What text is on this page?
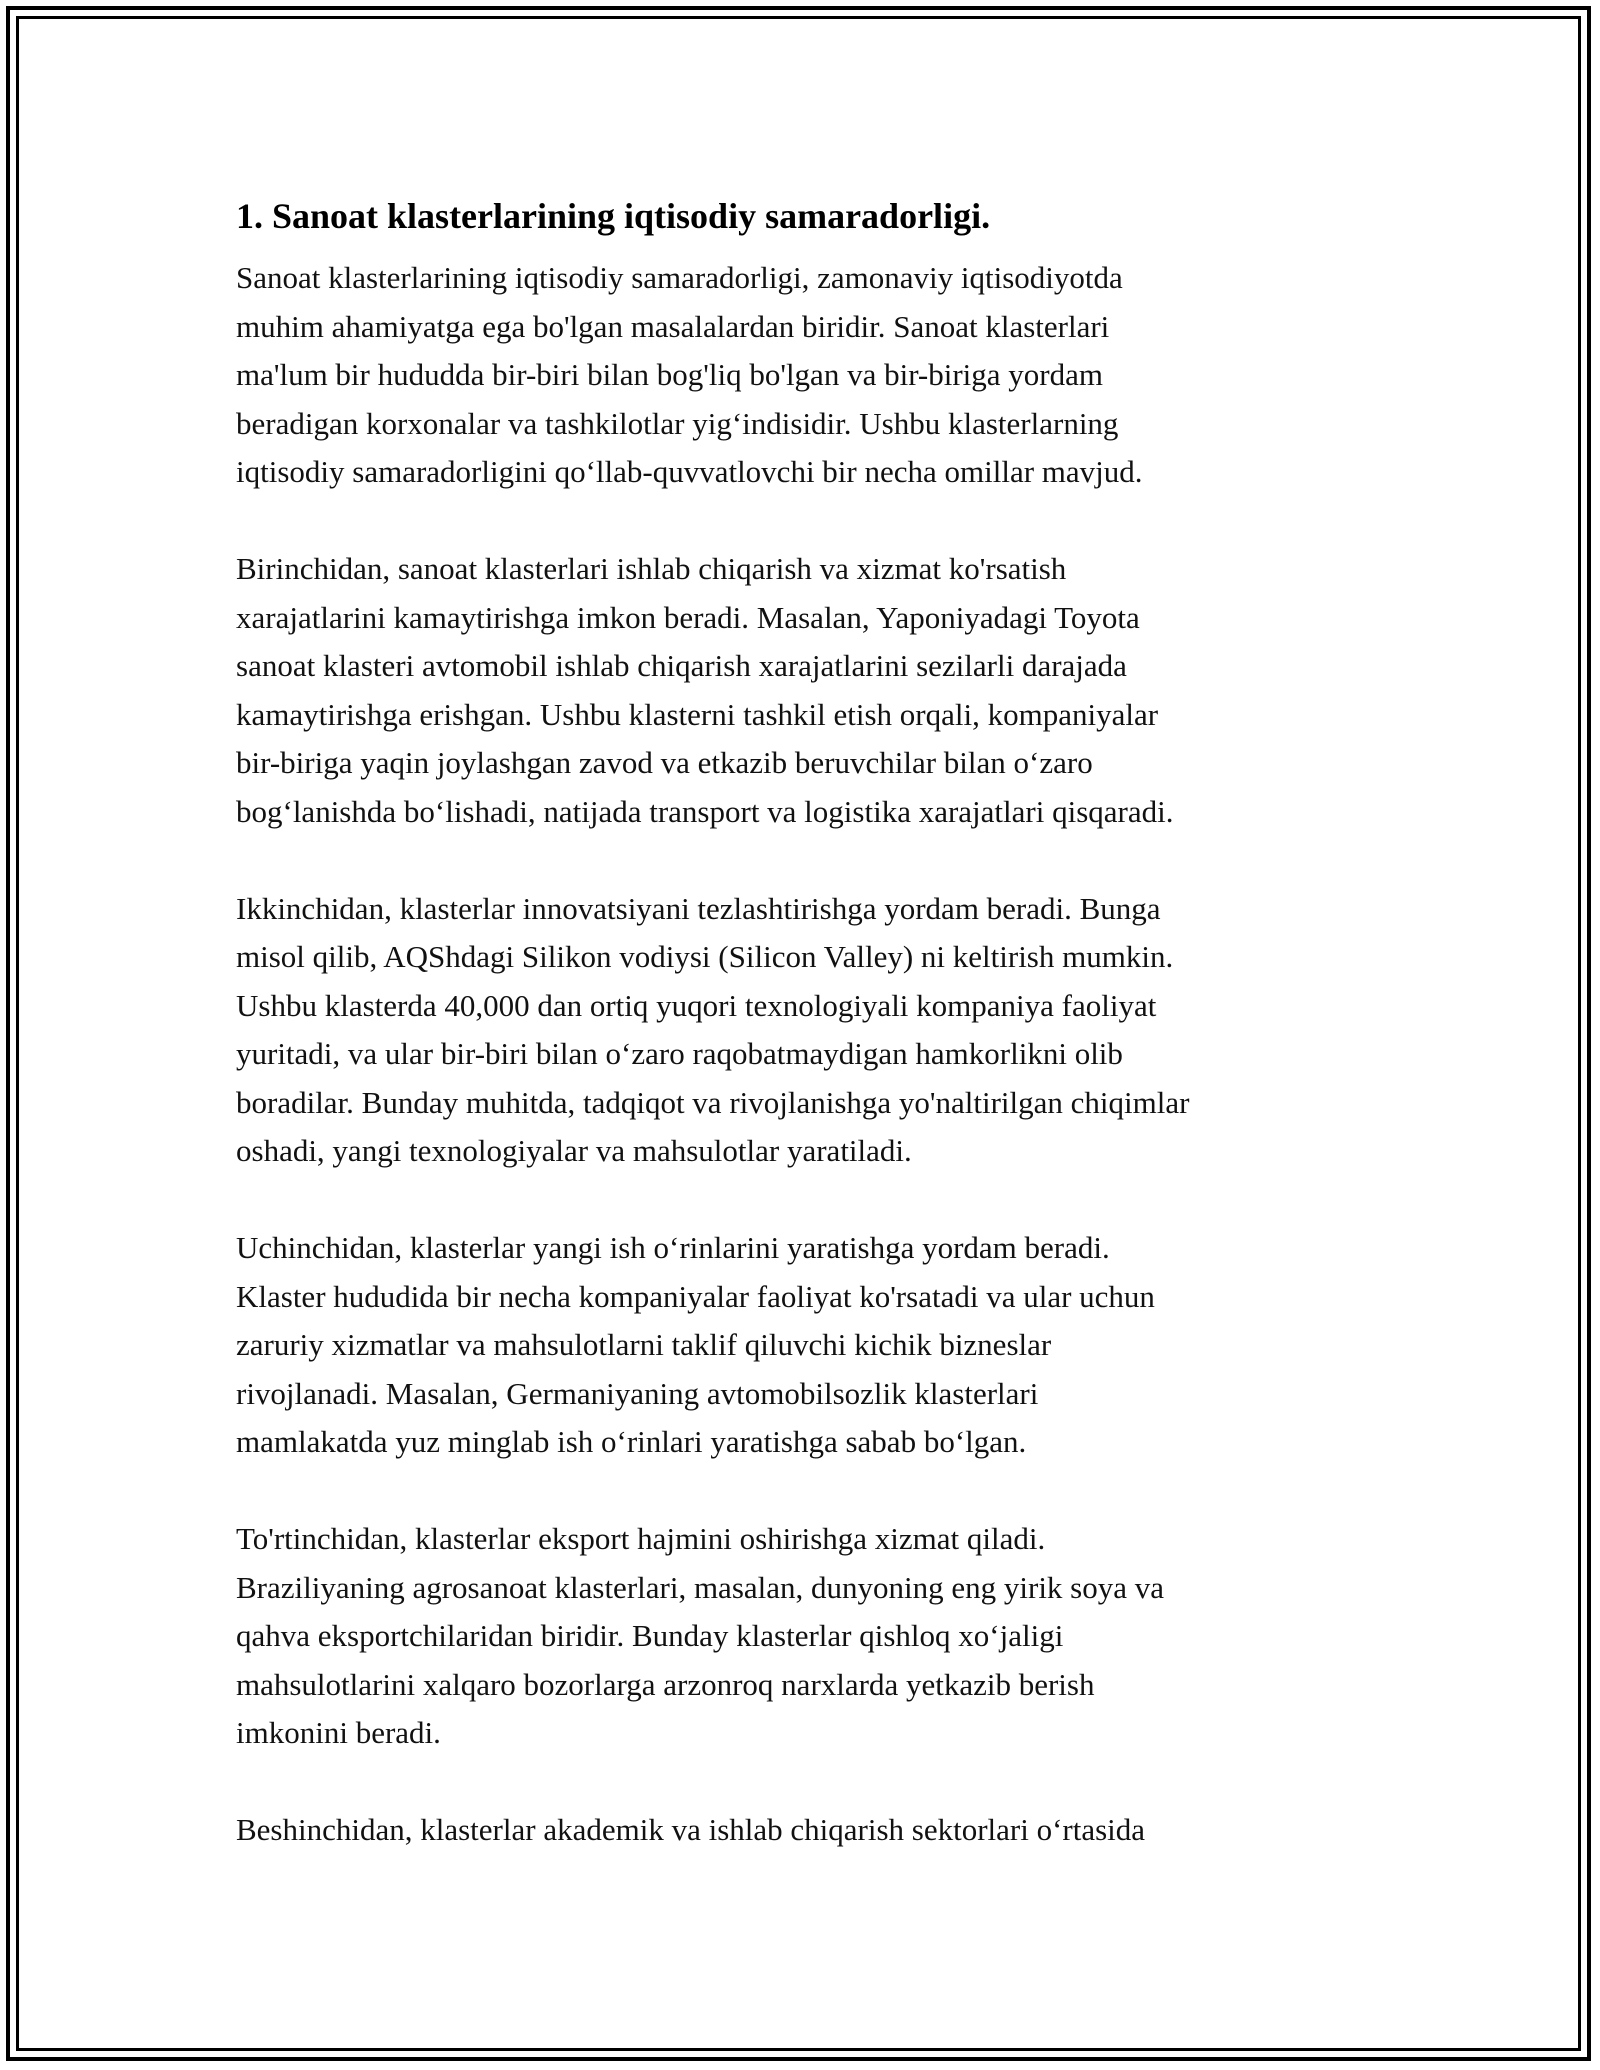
1. Sanoat klasterlarining iqtisodiy samaradorligi.

Sanoat klasterlarining iqtisodiy samaradorligi, zamonaviy iqtisodiyotda
muhim ahamiyatga ega bo'lgan masalalardan biridir. Sanoat klasterlari
ma'lum bir hududda bir-biri bilan bog'liq bo'lgan va bir-biriga yordam
beradigan korxonalar va tashkilotlar yig‘indisidir. Ushbu klasterlarning
iqtisodiy samaradorligini qo‘llab-quvvatlovchi bir necha omillar mavjud.

Birinchidan, sanoat klasterlari ishlab chiqarish va xizmat ko'rsatish
xarajatlarini kamaytirishga imkon beradi. Masalan, Yaponiyadagi Toyota
sanoat klasteri avtomobil ishlab chiqarish xarajatlarini sezilarli darajada
kamaytirishga erishgan. Ushbu klasterni tashkil etish orqali, kompaniyalar
bir-biriga yaqin joylashgan zavod va etkazib beruvchilar bilan o‘zaro
bog‘lanishda bo‘lishadi, natijada transport va logistika xarajatlari qisqaradi.

Ikkinchidan, klasterlar innovatsiyani tezlashtirishga yordam beradi. Bunga
misol qilib, AQShdagi Silikon vodiysi (Silicon Valley) ni keltirish mumkin.
Ushbu klasterda 40,000 dan ortiq yuqori texnologiyali kompaniya faoliyat
yuritadi, va ular bir-biri bilan o‘zaro raqobatmaydigan hamkorlikni olib
boradilar. Bunday muhitda, tadqiqot va rivojlanishga yo'naltirilgan chiqimlar
oshadi, yangi texnologiyalar va mahsulotlar yaratiladi.

Uchinchidan, klasterlar yangi ish o‘rinlarini yaratishga yordam beradi.
Klaster hududida bir necha kompaniyalar faoliyat ko'rsatadi va ular uchun
zaruriy xizmatlar va mahsulotlarni taklif qiluvchi kichik bizneslar
rivojlanadi. Masalan, Germaniyaning avtomobilsozlik klasterlari
mamlakatda yuz minglab ish o‘rinlari yaratishga sabab bo‘lgan.

To'rtinchidan, klasterlar eksport hajmini oshirishga xizmat qiladi.
Braziliyaning agrosanoat klasterlari, masalan, dunyoning eng yirik soya va
qahva eksportchilaridan biridir. Bunday klasterlar qishloq xo‘jaligi
mahsulotlarini xalqaro bozorlarga arzonroq narxlarda yetkazib berish
imkonini beradi.

Beshinchidan, klasterlar akademik va ishlab chiqarish sektorlari o‘rtasida
